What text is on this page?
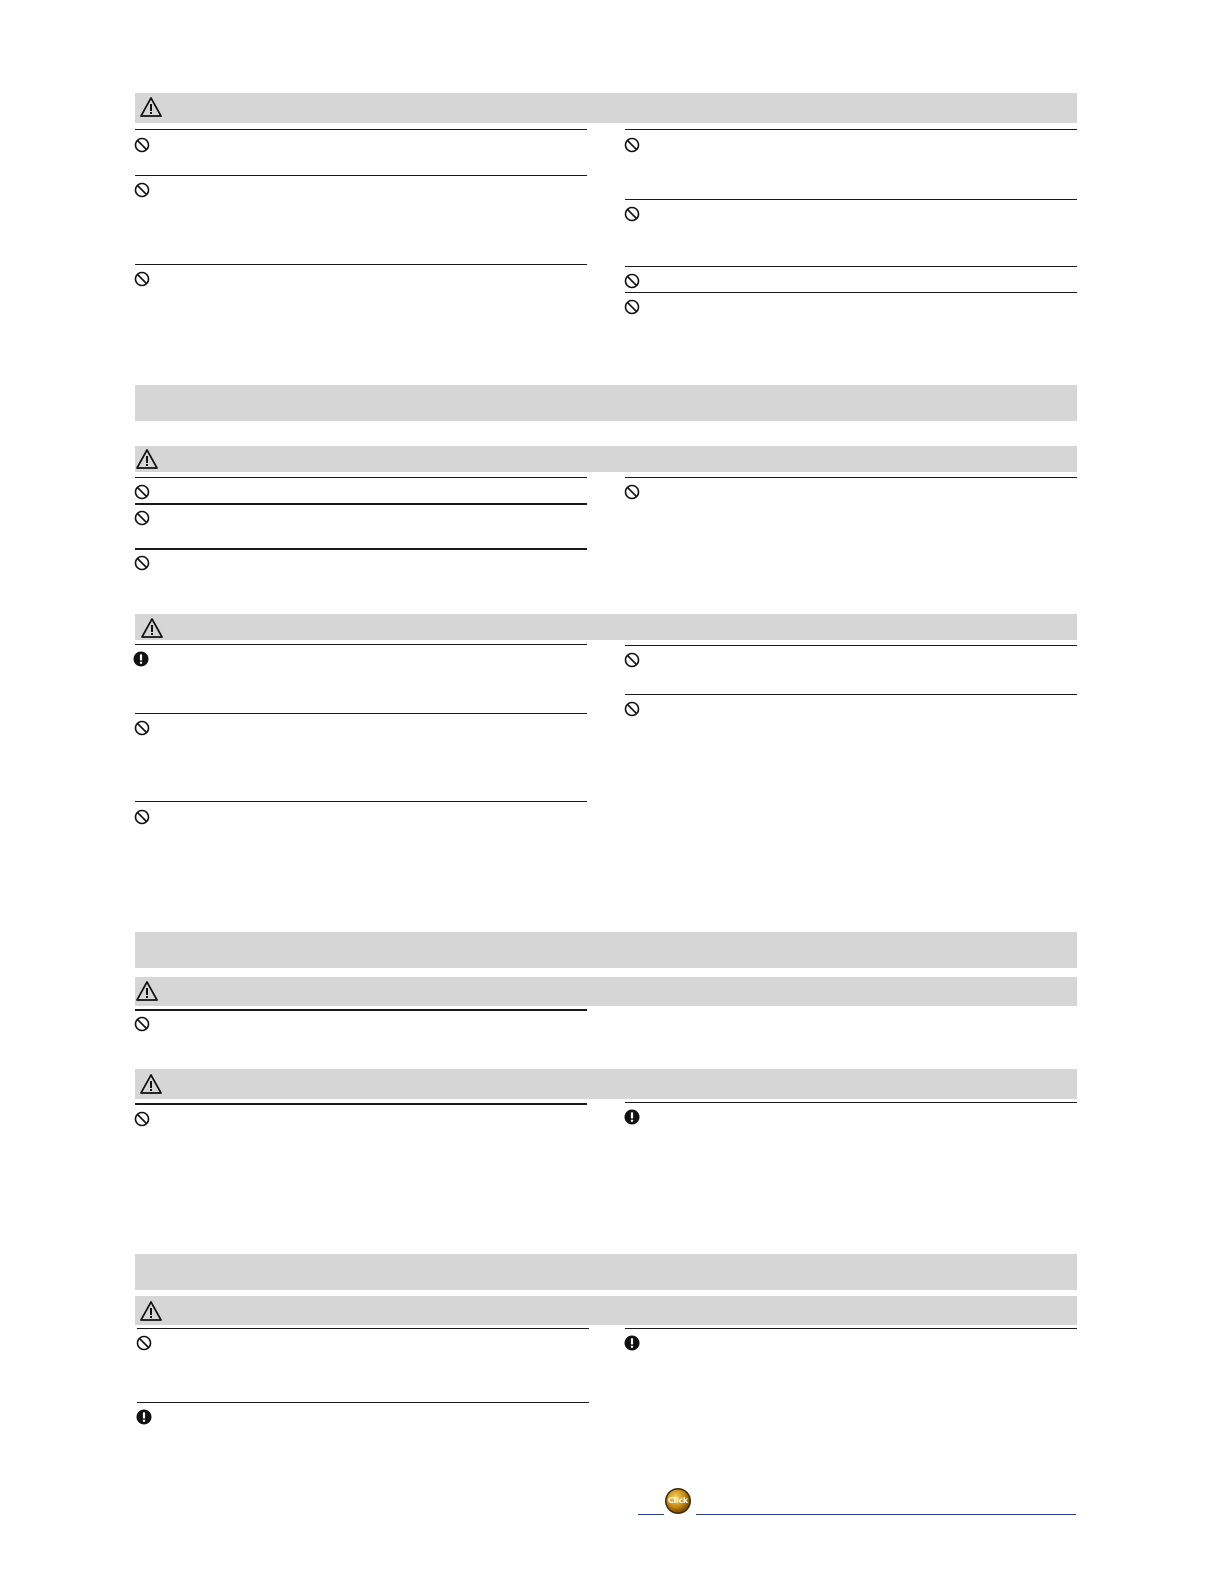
Click
